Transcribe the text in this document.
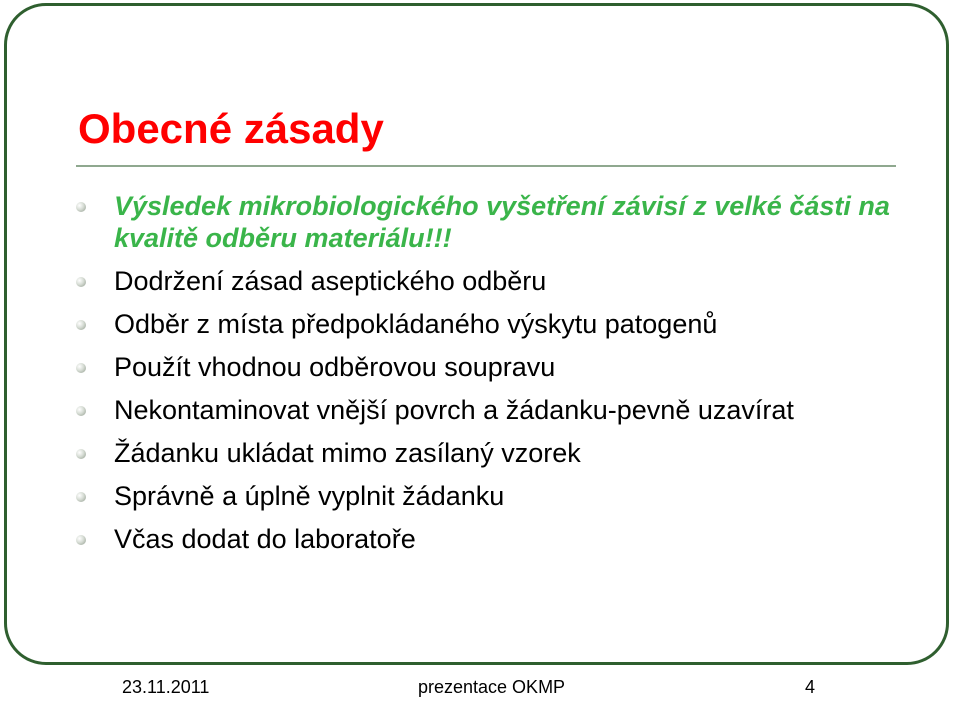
Obecné zásady
Výsledek mikrobiologického vyšetření závisí z velké části na kvalitě odběru materiálu!!!
Dodržení zásad aseptického odběru
Odběr z místa předpokládaného výskytu patogenů
Použít vhodnou odběrovou soupravu
Nekontaminovat vnější povrch a žádanku-pevně uzavírat
Žádanku ukládat mimo zasílaný vzorek
Správně a úplně vyplnit žádanku
Včas dodat do laboratoře
23.11.2011	prezentace OKMP	4
